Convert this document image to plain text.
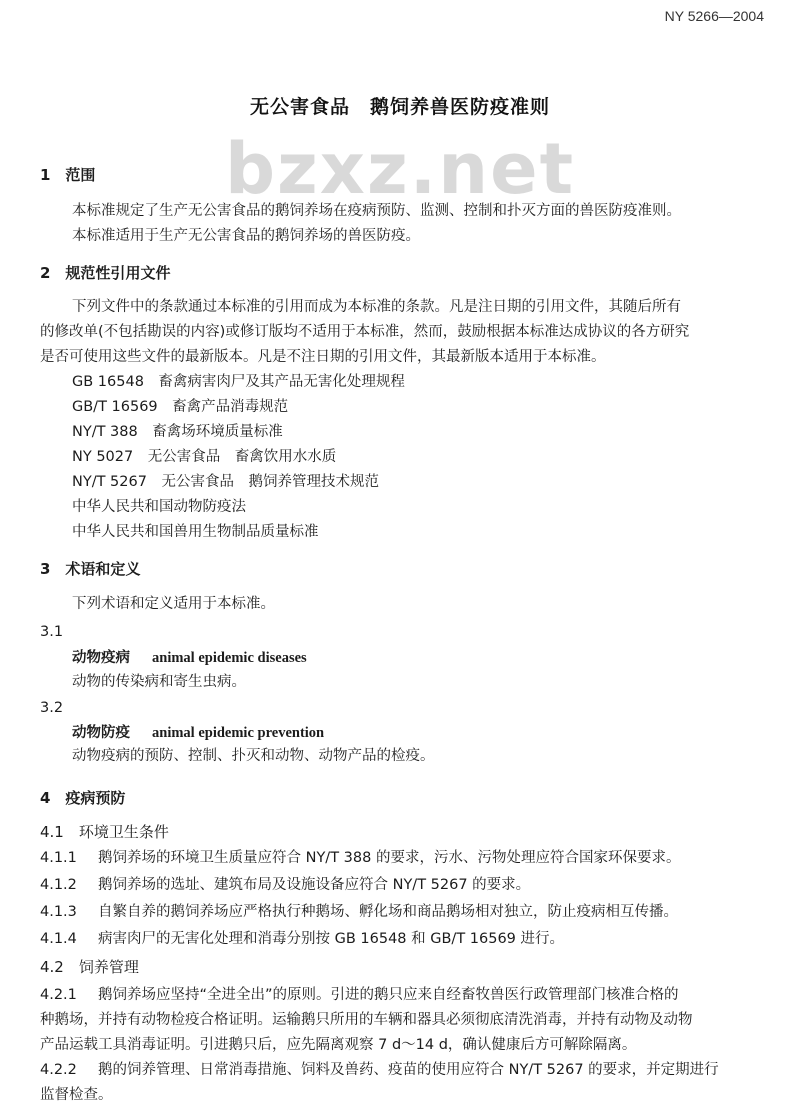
NY 5266—2004
无公害食品　鹅饲养兽医防疫准则
bzxz.net
1　范围
本标准规定了生产无公害食品的鹅饲养场在疫病预防、监测、控制和扑灭方面的兽医防疫准则。
本标准适用于生产无公害食品的鹅饲养场的兽医防疫。
2　规范性引用文件
下列文件中的条款通过本标准的引用而成为本标准的条款。凡是注日期的引用文件，其随后所有
的修改单(不包括勘误的内容)或修订版均不适用于本标准，然而，鼓励根据本标准达成协议的各方研究
是否可使用这些文件的最新版本。凡是不注日期的引用文件，其最新版本适用于本标准。
GB 16548　畜禽病害肉尸及其产品无害化处理规程
GB/T 16569　畜禽产品消毒规范
NY/T 388　畜禽场环境质量标准
NY 5027　无公害食品　畜禽饮用水水质
NY/T 5267　无公害食品　鹅饲养管理技术规范
中华人民共和国动物防疫法
中华人民共和国兽用生物制品质量标准
3　术语和定义
下列术语和定义适用于本标准。
3.1
动物疫病 animal epidemic diseases
动物的传染病和寄生虫病。
3.2
动物防疫 animal epidemic prevention
动物疫病的预防、控制、扑灭和动物、动物产品的检疫。
4　疫病预防
4.1　环境卫生条件
4.1.1 鹅饲养场的环境卫生质量应符合 NY/T 388 的要求，污水、污物处理应符合国家环保要求。
4.1.2 鹅饲养场的选址、建筑布局及设施设备应符合 NY/T 5267 的要求。
4.1.3 自繁自养的鹅饲养场应严格执行种鹅场、孵化场和商品鹅场相对独立，防止疫病相互传播。
4.1.4 病害肉尸的无害化处理和消毒分别按 GB 16548 和 GB/T 16569 进行。
4.2　饲养管理
4.2.1 鹅饲养场应坚持“全进全出”的原则。引进的鹅只应来自经畜牧兽医行政管理部门核准合格的
种鹅场，并持有动物检疫合格证明。运输鹅只所用的车辆和器具必须彻底清洗消毒，并持有动物及动物
产品运载工具消毒证明。引进鹅只后，应先隔离观察 7 d～14 d，确认健康后方可解除隔离。
4.2.2 鹅的饲养管理、日常消毒措施、饲料及兽药、疫苗的使用应符合 NY/T 5267 的要求，并定期进行
监督检查。
